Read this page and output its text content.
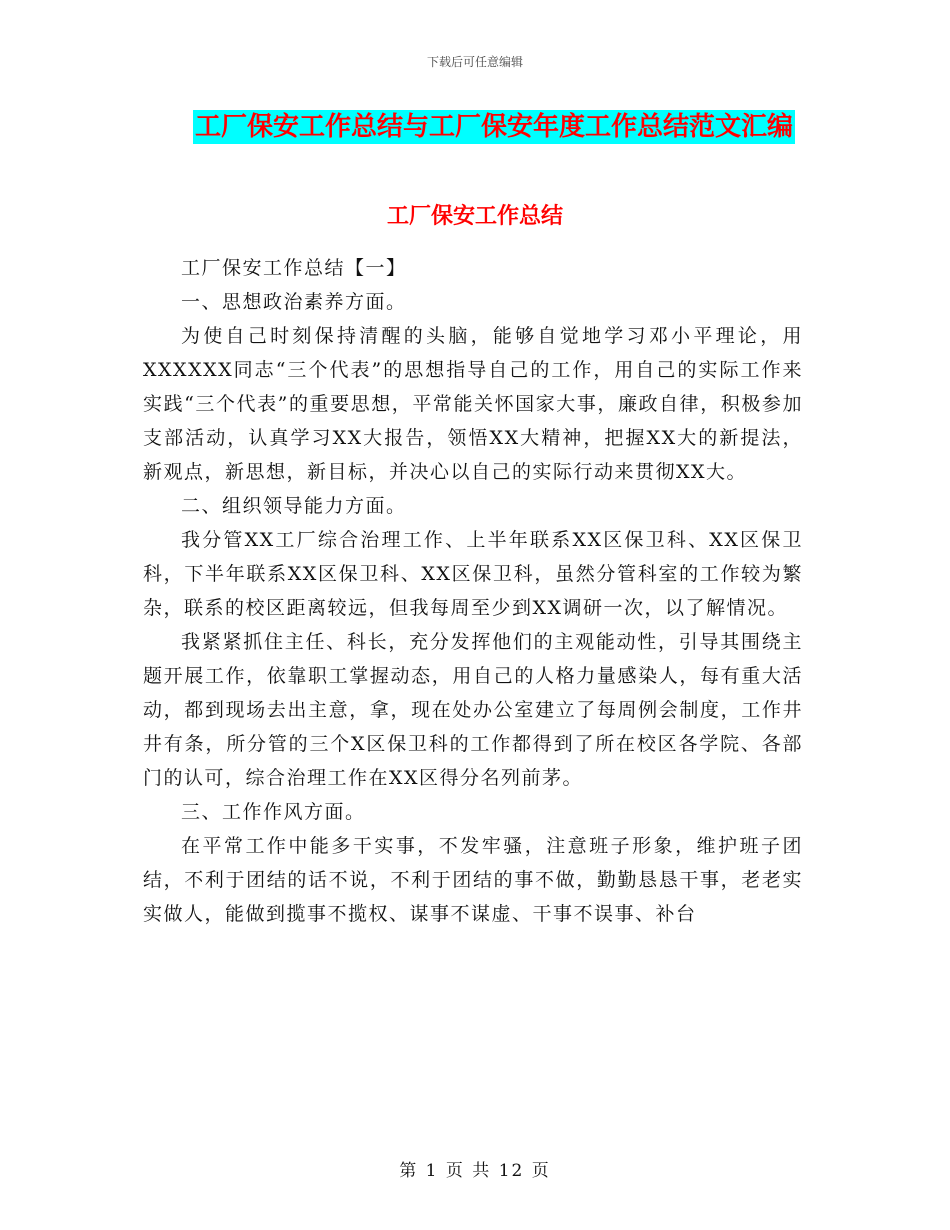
下载后可任意编辑
工厂保安工作总结与工厂保安年度工作总结范文汇编
工厂保安工作总结

工厂保安工作总结【一】

一、思想政治素养方面。

为使自己时刻保持清醒的头脑，能够自觉地学习邓小平理论，用XXXXXX同志“三个代表”的思想指导自己的工作，用自己的实际工作来实践“三个代表”的重要思想，平常能关怀国家大事，廉政自律，积极参加支部活动，认真学习XX大报告，领悟XX大精神，把握XX大的新提法，新观点，新思想，新目标，并决心以自己的实际行动来贯彻XX大。

二、组织领导能力方面。

我分管XX工厂综合治理工作、上半年联系XX区保卫科、XX区保卫科，下半年联系XX区保卫科、XX区保卫科，虽然分管科室的工作较为繁杂，联系的校区距离较远，但我每周至少到XX调研一次，以了解情况。

我紧紧抓住主任、科长，充分发挥他们的主观能动性，引导其围绕主题开展工作，依靠职工掌握动态，用自己的人格力量感染人，每有重大活动，都到现场去出主意，拿，现在处办公室建立了每周例会制度，工作井井有条，所分管的三个X区保卫科的工作都得到了所在校区各学院、各部门的认可，综合治理工作在XX区得分名列前茅。

三、工作作风方面。

在平常工作中能多干实事，不发牢骚，注意班子形象，维护班子团结，不利于团结的话不说，不利于团结的事不做，勤勤恳恳干事，老老实实做人，能做到揽事不揽权、谋事不谋虚、干事不误事、补台

第 1 页 共 12 页
